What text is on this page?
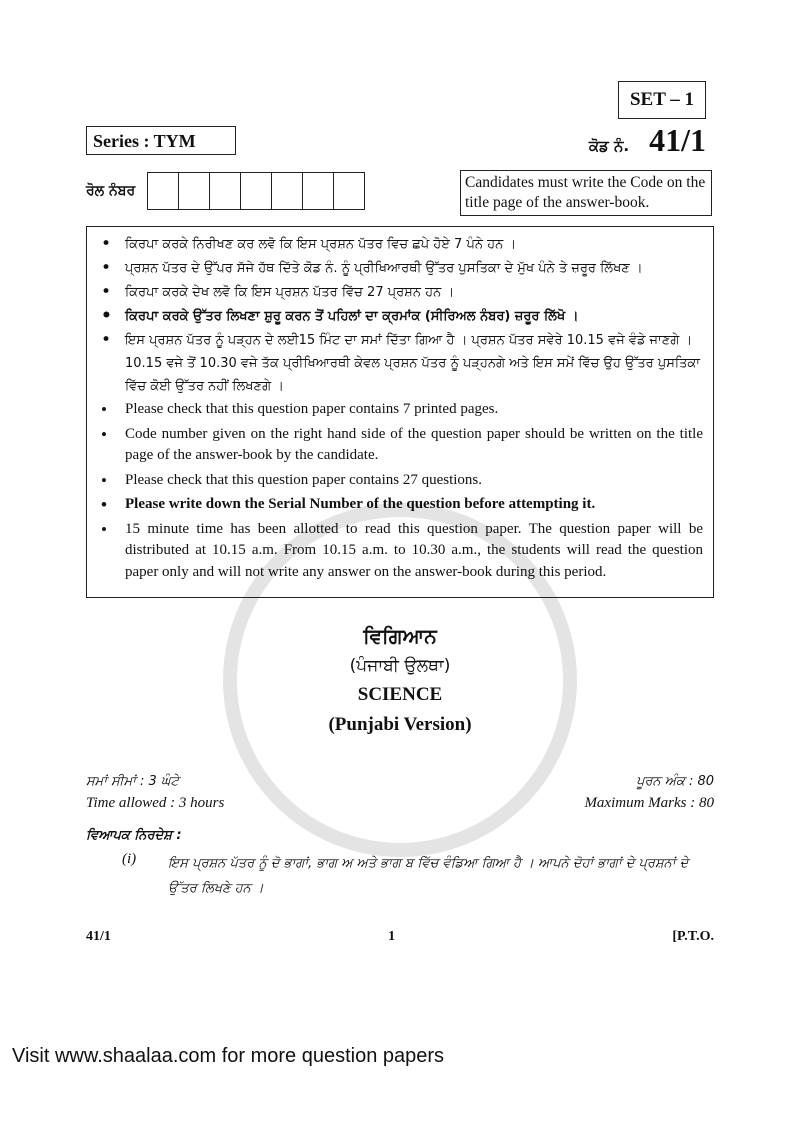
SET – 1
Series : TYM	ਕੋਡ ਨੰ. 41/1
ਰੋਲ ਨੰਬਰ	Candidates must write the Code on the title page of the answer-book.
• ਕਿਰਪਾ ਕਰਕੇ ਨਿਰੀਖਣ ਕਰ ਲਵੋ ਕਿ ਇਸ ਪ੍ਰਸ਼ਨ ਪੱਤਰ ਵਿਚ ਛਪੇ ਹੋਏ 7 ਪੰਨੇ ਹਨ ।
• ਪ੍ਰਸ਼ਨ ਪੱਤਰ ਦੇ ਉੱਪਰ ਸੱਜੇ ਹੱਥ ਦਿੱਤੇ ਕੋਡ ਨੰ. ਨੂੰ ਪ੍ਰੀਖਿਆਰਥੀ ਉੱਤਰ ਪੁਸਤਿਕਾ ਦੇ ਮੁੱਖ ਪੰਨੇ ਤੇ ਜ਼ਰੂਰ ਲਿੱਖਣ ।
• ਕਿਰਪਾ ਕਰਕੇ ਦੇਖ ਲਵੋ ਕਿ ਇਸ ਪ੍ਰਸ਼ਨ ਪੱਤਰ ਵਿੱਚ 27 ਪ੍ਰਸ਼ਨ ਹਨ ।
• ਕਿਰਪਾ ਕਰਕੇ ਉੱਤਰ ਲਿਖਣਾ ਸ਼ੁਰੂ ਕਰਨ ਤੋਂ ਪਹਿਲਾਂ ਦਾ ਕ੍ਰਮਾਂਕ (ਸੀਰਿਅਲ ਨੰਬਰ) ਜ਼ਰੂਰ ਲਿੱਖੋ ।
• ਇਸ ਪ੍ਰਸ਼ਨ ਪੱਤਰ ਨੂੰ ਪੜ੍ਹਨ ਦੇ ਲਈ15 ਮਿੰਟ ਦਾ ਸਮਾਂ ਦਿੱਤਾ ਗਿਆ ਹੈ । ਪ੍ਰਸ਼ਨ ਪੱਤਰ ਸਵੇਰੇ 10.15 ਵਜੇ ਵੰਡੇ ਜਾਣਗੇ । 10.15 ਵਜੇ ਤੋਂ 10.30 ਵਜੇ ਤੱਕ ਪ੍ਰੀਖਿਆਰਥੀ ਕੇਵਲ ਪ੍ਰਸ਼ਨ ਪੱਤਰ ਨੂੰ ਪੜ੍ਹਨਗੇ ਅਤੇ ਇਸ ਸਮੇਂ ਵਿੱਚ ਉਹ ਉੱਤਰ ਪੁਸਤਿਕਾ ਵਿੱਚ ਕੋਈ ਉੱਤਰ ਨਹੀਂ ਲਿਖਣਗੇ ।
• Please check that this question paper contains 7 printed pages.
• Code number given on the right hand side of the question paper should be written on the title page of the answer-book by the candidate.
• Please check that this question paper contains 27 questions.
• Please write down the Serial Number of the question before attempting it.
• 15 minute time has been allotted to read this question paper. The question paper will be distributed at 10.15 a.m. From 10.15 a.m. to 10.30 a.m., the students will read the question paper only and will not write any answer on the answer-book during this period.
ਵਿਗਿਆਨ
(ਪੰਜਾਬੀ ਉਲਥਾ)
SCIENCE
(Punjabi Version)
ਸਮਾਂ ਸੀਮਾਂ : 3 ਘੰਟੇ	ਪੂਰਨ ਅੰਕ : 80
Time allowed : 3 hours	Maximum Marks : 80
ਵਿਆਪਕ ਨਿਰਦੇਸ਼ :
(i)	ਇਸ ਪ੍ਰਸ਼ਨ ਪੱਤਰ ਨੂੰ ਦੋ ਭਾਗਾਂ, ਭਾਗ ਅ ਅਤੇ ਭਾਗ ਬ ਵਿੱਚ ਵੰਡਿਆ ਗਿਆ ਹੈ । ਆਪਨੇ ਦੋਹਾਂ ਭਾਗਾਂ ਦੇ ਪ੍ਰਸ਼ਨਾਂ ਦੇ ਉੱਤਰ ਲਿਖਣੇ ਹਨ ।
41/1	1	[P.T.O.
Visit www.shaalaa.com for more question papers
